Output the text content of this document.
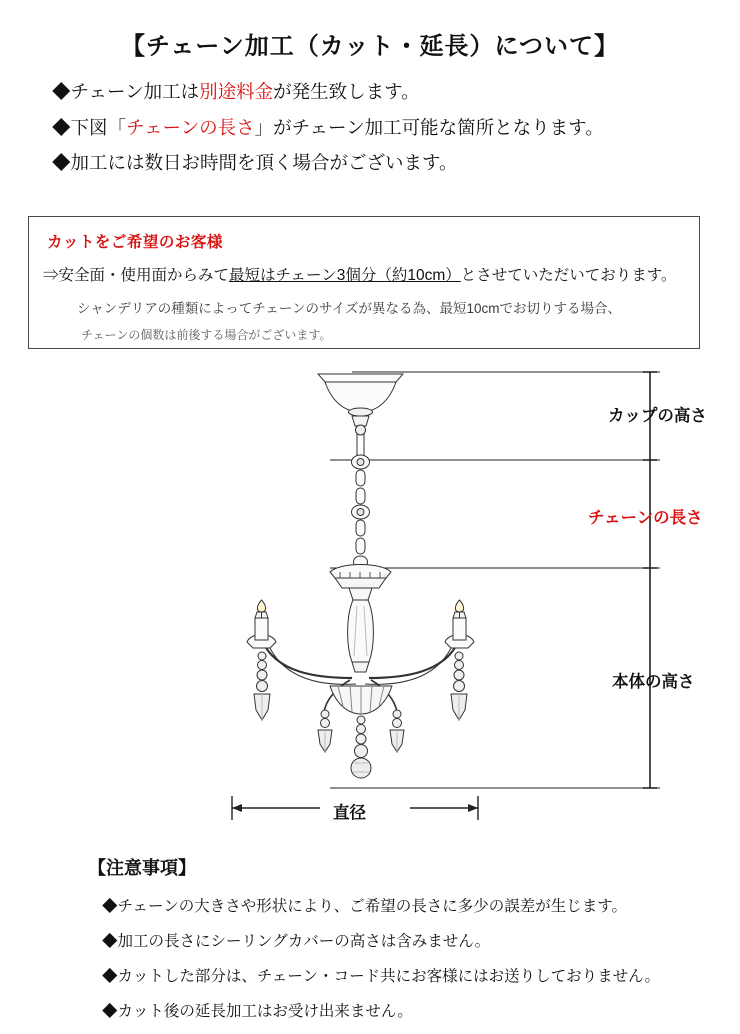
【チェーン加工（カット・延長）について】
◆チェーン加工は別途料金が発生致します。
◆下図「チェーンの長さ」がチェーン加工可能な箇所となります。
◆加工には数日お時間を頂く場合がございます。
カットをご希望のお客様
⇒安全面・使用面からみて最短はチェーン3個分（約10cm）とさせていただいております。
シャンデリアの種類によってチェーンのサイズが異なる為、最短10cmでお切りする場合、
チェーンの個数は前後する場合がございます。
カップの高さ
チェーンの長さ
本体の高さ
直径
【注意事項】
◆チェーンの大きさや形状により、ご希望の長さに多少の誤差が生じます。
◆加工の長さにシーリングカバーの高さは含みません。
◆カットした部分は、チェーン・コード共にお客様にはお送りしておりません。
◆カット後の延長加工はお受け出来ません。
